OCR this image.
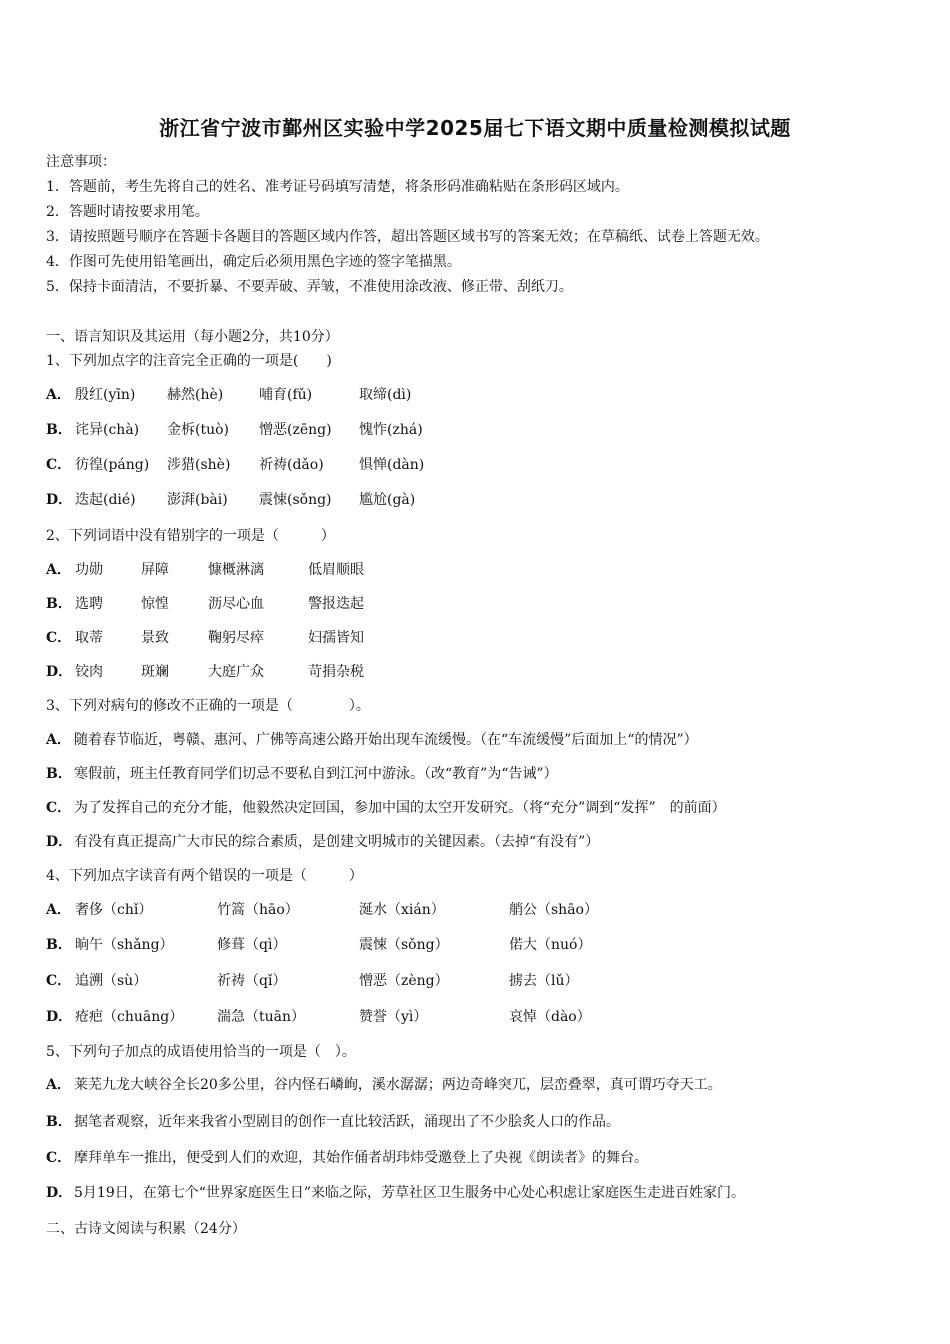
浙江省宁波市鄞州区实验中学2025届七下语文期中质量检测模拟试题
注意事项：
1．答题前，考生先将自己的姓名、准考证号码填写清楚，将条形码准确粘贴在条形码区域内。
2．答题时请按要求用笔。
3．请按照题号顺序在答题卡各题目的答题区域内作答，超出答题区域书写的答案无效；在草稿纸、试卷上答题无效。
4．作图可先使用铅笔画出，确定后必须用黑色字迹的签字笔描黑。
5．保持卡面清洁，不要折暴、不要弄破、弄皱，不准使用涂改液、修正带、刮纸刀。
一、语言知识及其运用（每小题2分，共10分）
1、下列加点字的注音完全正确的一项是(　　)
A． 殷红(yīn) 赫然(hè)	哺育(fǔ)	取缔(dì)
B． 诧异(chà) 金柝(tuò) 憎恶(zēng) 愧怍(zhá)
C． 彷徨(páng) 涉猎(shè) 祈祷(dǎo)	惧惮(dàn)
D． 迭起(dié) 澎湃(bài) 震悚(sǒng) 尴尬(gà)
2、下列词语中没有错别字的一项是（　　　）
A． 功勋	屏障	慷概淋漓	低眉顺眼
B． 选聘	惊惶	沥尽心血	警报迭起
C． 取蒂	景致	鞠躬尽瘁	妇孺皆知
D． 铰肉	斑斓	大庭广众	苛捐杂税
3、下列对病句的修改不正确的一项是（　　　　）。
A． 随着春节临近，粤赣、惠河、广佛等高速公路开始出现车流缓慢。（在“车流缓慢”后面加上“的情况”）
B． 寒假前，班主任教育同学们切忌不要私自到江河中游泳。（改“教育”为“告诫”）
C． 为了发挥自己的充分才能，他毅然决定回国，参加中国的太空开发研究。（将“充分”调到“发挥”　的前面）
D． 有没有真正提高广大市民的综合素质，是创建文明城市的关键因素。（去掉“有没有”）
4、下列加点字读音有两个错误的一项是（　　　）
A． 奢侈（chǐ）	竹篙（hāo）	涎水（xián）	艄公（shāo）
B． 晌午（shǎng）	修葺（qì）	震悚（sǒng）	偌大（nuó）
C． 追溯（sù）	祈祷（qǐ）	憎恶（zèng）	掳去（lǔ）
D． 疮疤（chuāng） 湍急（tuān）	赞誉（yì）	哀悼（dào）
5、下列句子加点的成语使用恰当的一项是（　）。
A． 莱芜九龙大峡谷全长20多公里，谷内怪石嶙峋，溪水潺潺；两边奇峰突兀，层峦叠翠，真可谓巧夺天工。
B． 据笔者观察，近年来我省小型剧目的创作一直比较活跃，涌现出了不少脍炙人口的作品。
C． 摩拜单车一推出，便受到人们的欢迎，其始作俑者胡玮炜受邀登上了央视《朗读者》的舞台。
D． 5月19日，在第七个“世界家庭医生日”来临之际，芳草社区卫生服务中心处心积虑让家庭医生走进百姓家门。
二、古诗文阅读与积累（24分）
